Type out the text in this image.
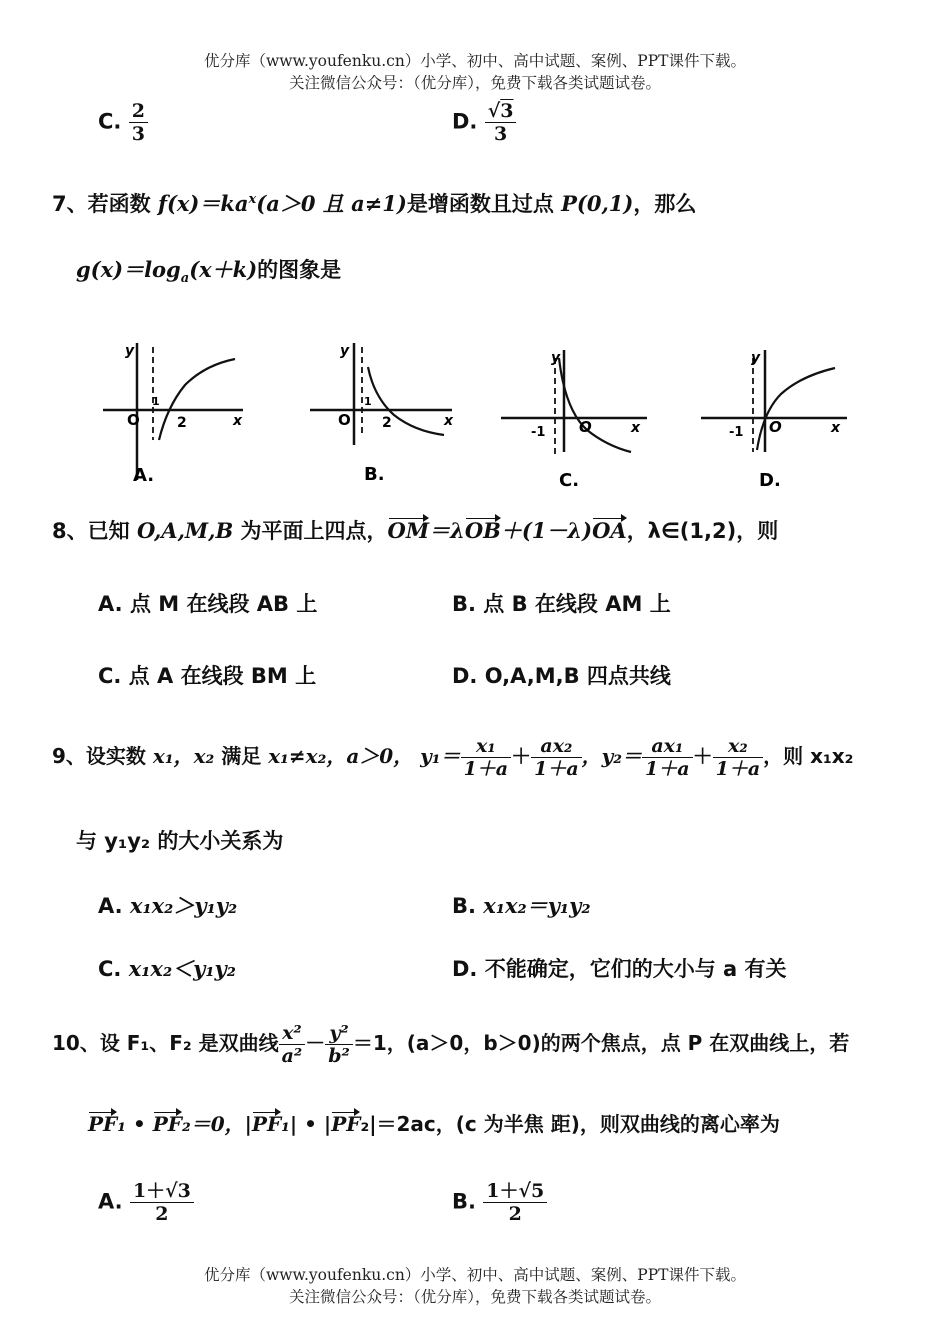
优分库（www.youfenku.cn）小学、初中、高中试题、案例、PPT课件下载。
关注微信公众号：（优分库），免费下载各类试题试卷。
C. $\frac{2}{3}$	D. $\frac{√3}{3}$
7、若函数 $f(x)=ka^x(a>0$ 且 a≠1)是增函数且过点 P(0,1)，那么
$g(x)=\log_a(x+k)$的图象是
O
1
2	x
y
A.
O
1
2	x
y
B.
-1 O	x
y
C.
-1 O	x
y
D.
8、已知 O,A,M,B 为平面上四点，OM＝λOB＋(1－λ)OA，λ∈(1,2)，则
A. 点 M 在线段 AB 上	B. 点 B 在线段 AM 上
C. 点 A 在线段 BM 上	D. O,A,M,B 四点共线
9、设实数 x₁，x₂ 满足 x₁≠x₂，a＞0， $y_1= \frac{\text{x₁}}{1+a} + \frac{\text{ax₂}}{1+a}$ ，$y_2= \frac{\text{ax₁}}{1+a} + \frac{\text{x₂}}{1+a}$ ，则 x₁x₂
与 y₁y₂ 的大小关系为
A. x₁x₂＞y₁y₂	B. x₁x₂＝y₁y₂
C. x₁x₂＜y₁y₂	D. 不能确定，它们的大小与 a 有关
10、设 F₁、F₂ 是双曲线 $\frac{\text{x²}}{\text{a²}} - \frac{\text{y²}}{\text{b²}} =1$，(a＞0，b＞0)的两个焦点，点 P 在双曲线上，若
PF₁ • PF₂＝0，|PF₁| • |PF₂|＝2ac，(c 为半焦 距)，则双曲线的离心率为
A. $\frac{1+√3}{2}$	B. $\frac{1+√5}{2}$
优分库（www.youfenku.cn）小学、初中、高中试题、案例、PPT课件下载。
关注微信公众号：（优分库），免费下载各类试题试卷。
